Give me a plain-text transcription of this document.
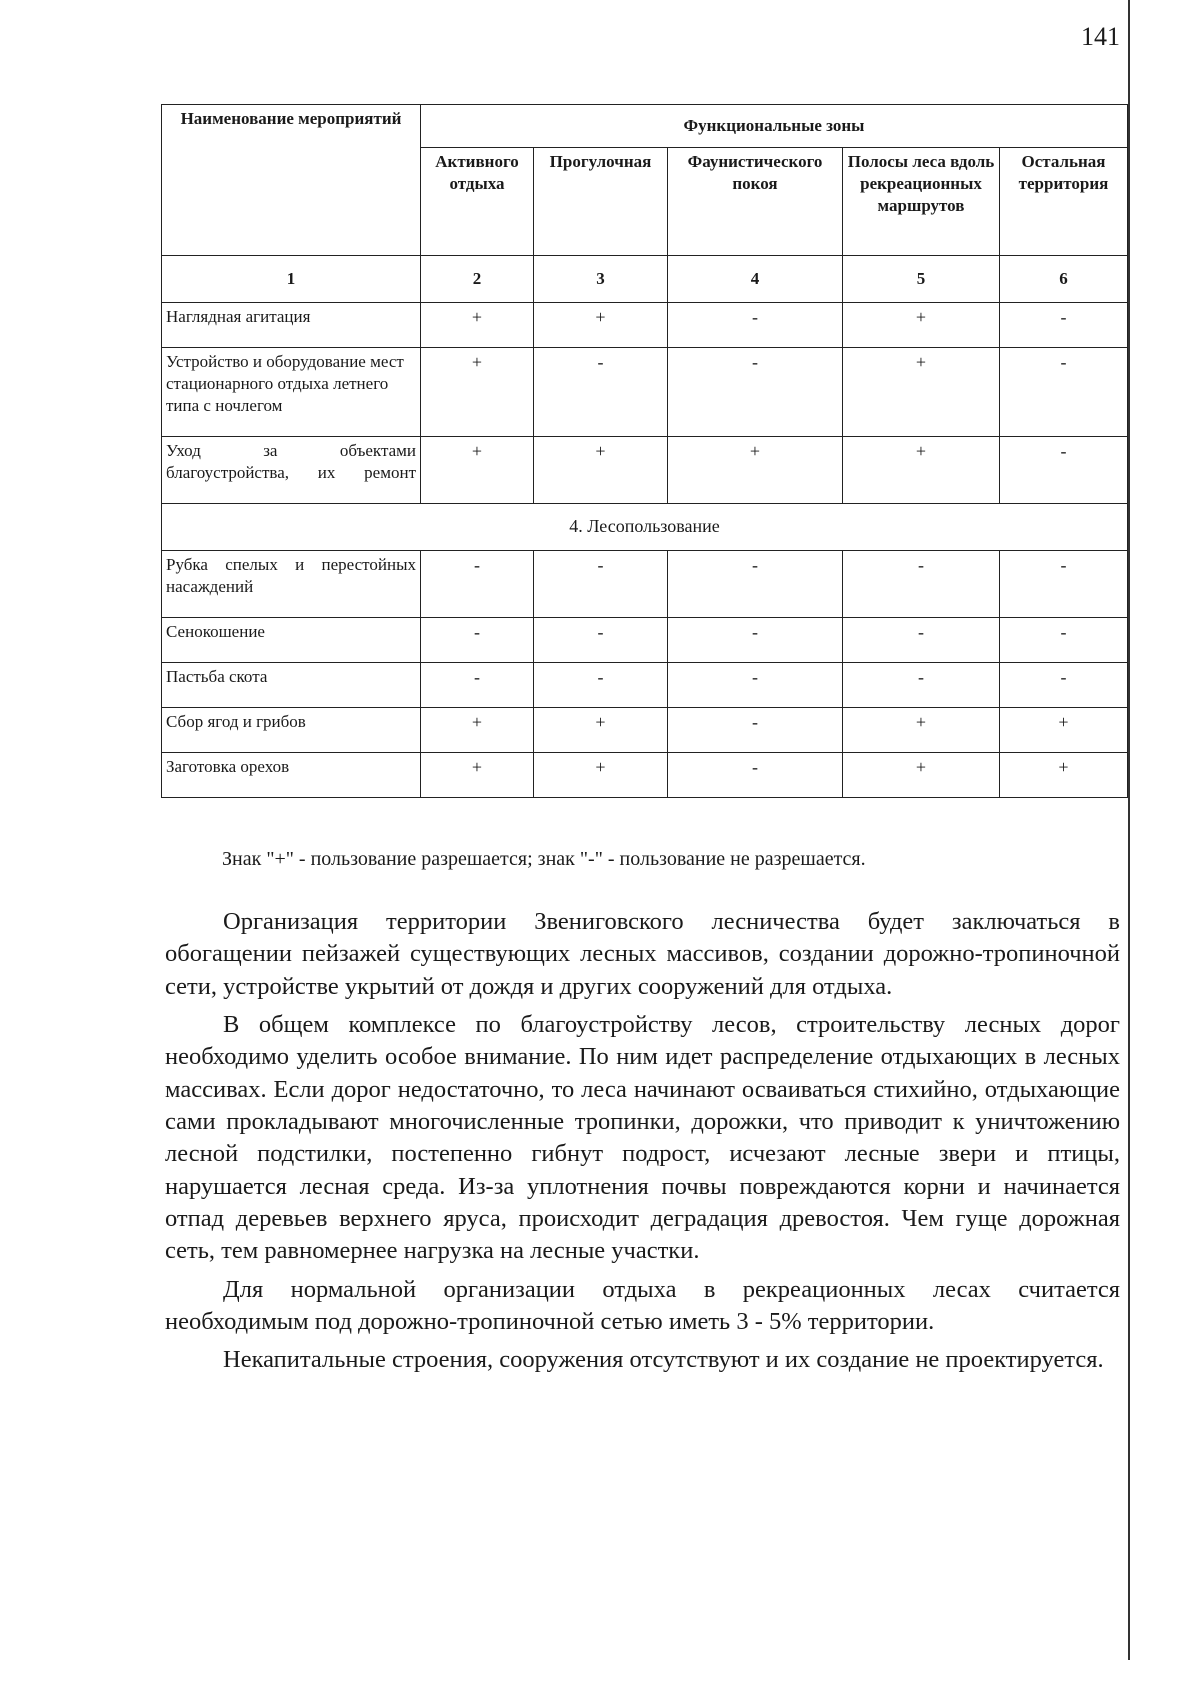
141
Наименование мероприятий	Функциональные зоны				
	Активного отдыха	Прогулочная	Фаунистического покоя	Полосы леса вдоль рекреационных маршрутов	Остальная территория
1	2	3	4	5	6
Наглядная агитация	+	+	-	+	-
Устройство и оборудование мест стационарного отдыха летнего типа с ночлегом	+	-	-	+	-
Уход за объектами благоустройства, их ремонт	+	+	+	+	-
4. Лесопользование					
Рубка спелых и перестойных насаждений	-	-	-	-	-
Сенокошение	-	-	-	-	-
Пастьба скота	-	-	-	-	-
Сбор ягод и грибов	+	+	-	+	+
Заготовка орехов	+	+	-	+	+
Знак "+" - пользование разрешается; знак "-" - пользование не разрешается.

Организация территории Звениговского лесничества будет заключаться в обогащении пейзажей существующих лесных массивов, создании дорожно-тропиночной сети, устройстве укрытий от дождя и других сооружений для отдыха.

В общем комплексе по благоустройству лесов, строительству лесных дорог необходимо уделить особое внимание. По ним идет распределение отдыхающих в лесных массивах. Если дорог недостаточно, то леса начинают осваиваться стихийно, отдыхающие сами прокладывают многочисленные тропинки, дорожки, что приводит к уничтожению лесной подстилки, постепенно гибнут подрост, исчезают лесные звери и птицы, нарушается лесная среда. Из-за уплотнения почвы повреждаются корни и начинается отпад деревьев верхнего яруса, происходит деградация древостоя. Чем гуще дорожная сеть, тем равномернее нагрузка на лесные участки.

Для нормальной организации отдыха в рекреационных лесах считается необходимым под дорожно-тропиночной сетью иметь 3 - 5% территории.

Некапитальные строения, сооружения отсутствуют и их создание не проектируется.
